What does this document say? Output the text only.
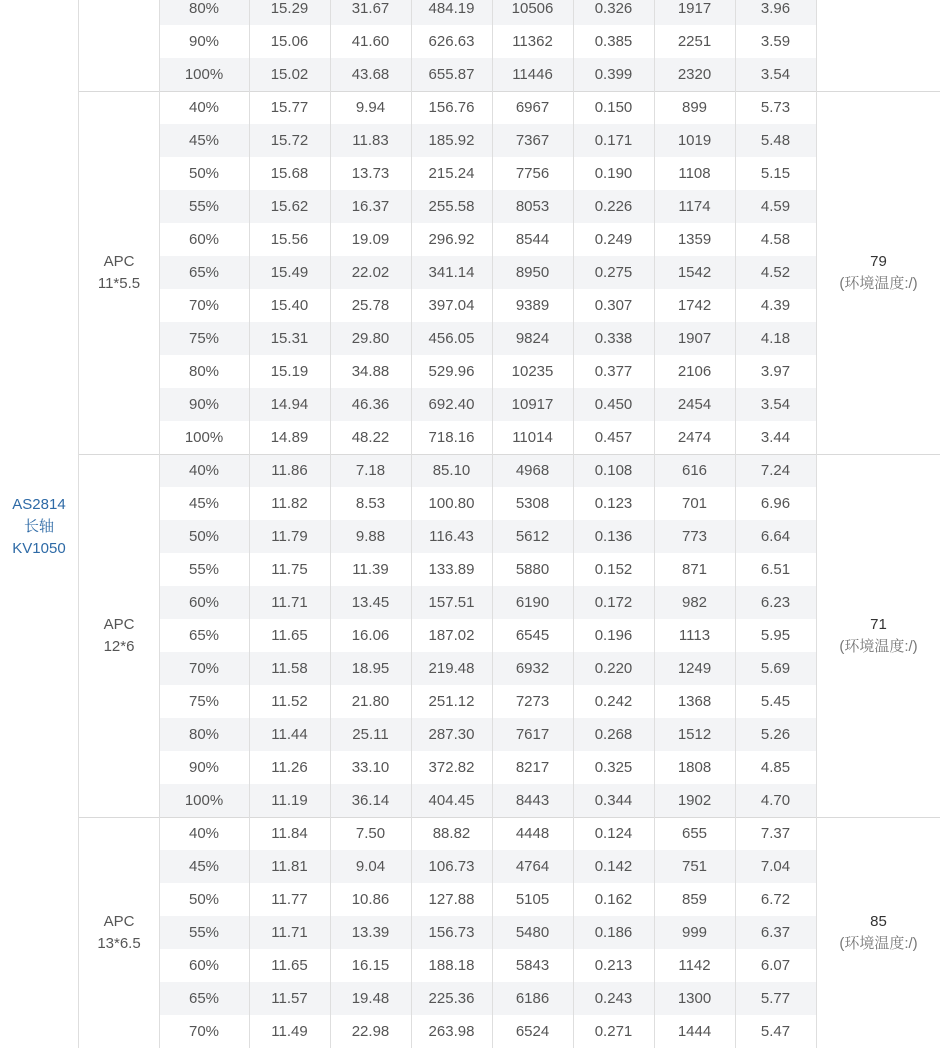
80%	15.29	31.67	484.19	10506	0.326	1917	3.96
90%	15.06	41.60	626.63	11362	0.385	2251	3.59
100%	15.02	43.68	655.87	11446	0.399	2320	3.54
40%	15.77	9.94	156.76	6967	0.150	899	5.73
45%	15.72	11.83	185.92	7367	0.171	1019	5.48
50%	15.68	13.73	215.24	7756	0.190	1108	5.15
55%	15.62	16.37	255.58	8053	0.226	1174	4.59
60%	15.56	19.09	296.92	8544	0.249	1359	4.58
65%	15.49	22.02	341.14	8950	0.275	1542	4.52
70%	15.40	25.78	397.04	9389	0.307	1742	4.39
75%	15.31	29.80	456.05	9824	0.338	1907	4.18
80%	15.19	34.88	529.96	10235	0.377	2106	3.97
90%	14.94	46.36	692.40	10917	0.450	2454	3.54
100%	14.89	48.22	718.16	11014	0.457	2474	3.44
40%	11.86	7.18	85.10	4968	0.108	616	7.24
45%	11.82	8.53	100.80	5308	0.123	701	6.96
50%	11.79	9.88	116.43	5612	0.136	773	6.64
55%	11.75	11.39	133.89	5880	0.152	871	6.51
60%	11.71	13.45	157.51	6190	0.172	982	6.23
65%	11.65	16.06	187.02	6545	0.196	1113	5.95
70%	11.58	18.95	219.48	6932	0.220	1249	5.69
75%	11.52	21.80	251.12	7273	0.242	1368	5.45
80%	11.44	25.11	287.30	7617	0.268	1512	5.26
90%	11.26	33.10	372.82	8217	0.325	1808	4.85
100%	11.19	36.14	404.45	8443	0.344	1902	4.70
40%	11.84	7.50	88.82	4448	0.124	655	7.37
45%	11.81	9.04	106.73	4764	0.142	751	7.04
50%	11.77	10.86	127.88	5105	0.162	859	6.72
55%	11.71	13.39	156.73	5480	0.186	999	6.37
60%	11.65	16.15	188.18	5843	0.213	1142	6.07
65%	11.57	19.48	225.36	6186	0.243	1300	5.77
70%	11.49	22.98	263.98	6524	0.271	1444	5.47
AS2814
长轴
KV1050
APC
11*5.5
79
(环境温度:/)
APC
12*6
71
(环境温度:/)
APC
13*6.5
85
(环境温度:/)
